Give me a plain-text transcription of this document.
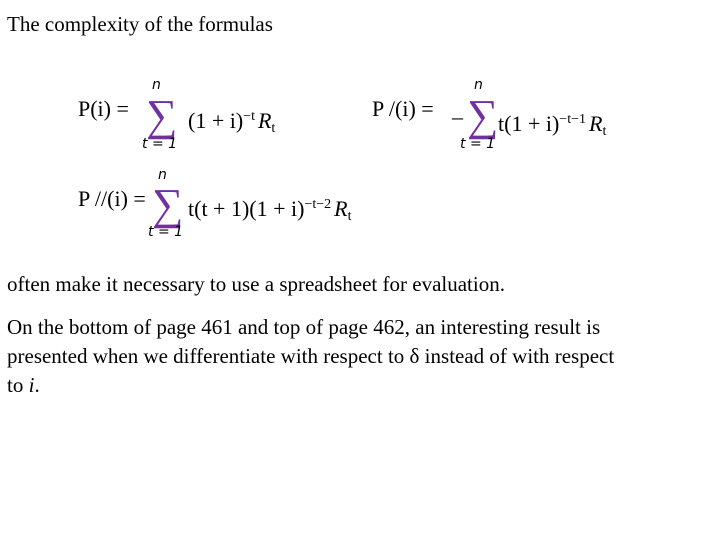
The complexity of the formulas
P(i) =
n
∑
t = 1
$(1 + i)^{-t}$ $R_t$
P /(i) = –
n
∑
t = 1
$t(1 + i)^{-t-1}$ $R_t$
P //(i) =
n
∑
t = 1
$t(t + 1)(1 + i)^{-t-2}$ $R_t$
often make it necessary to use a spreadsheet for evaluation.
On the bottom of page 461 and top of page 462, an interesting result is
presented when we differentiate with respect to δ instead of with respect
to i.
